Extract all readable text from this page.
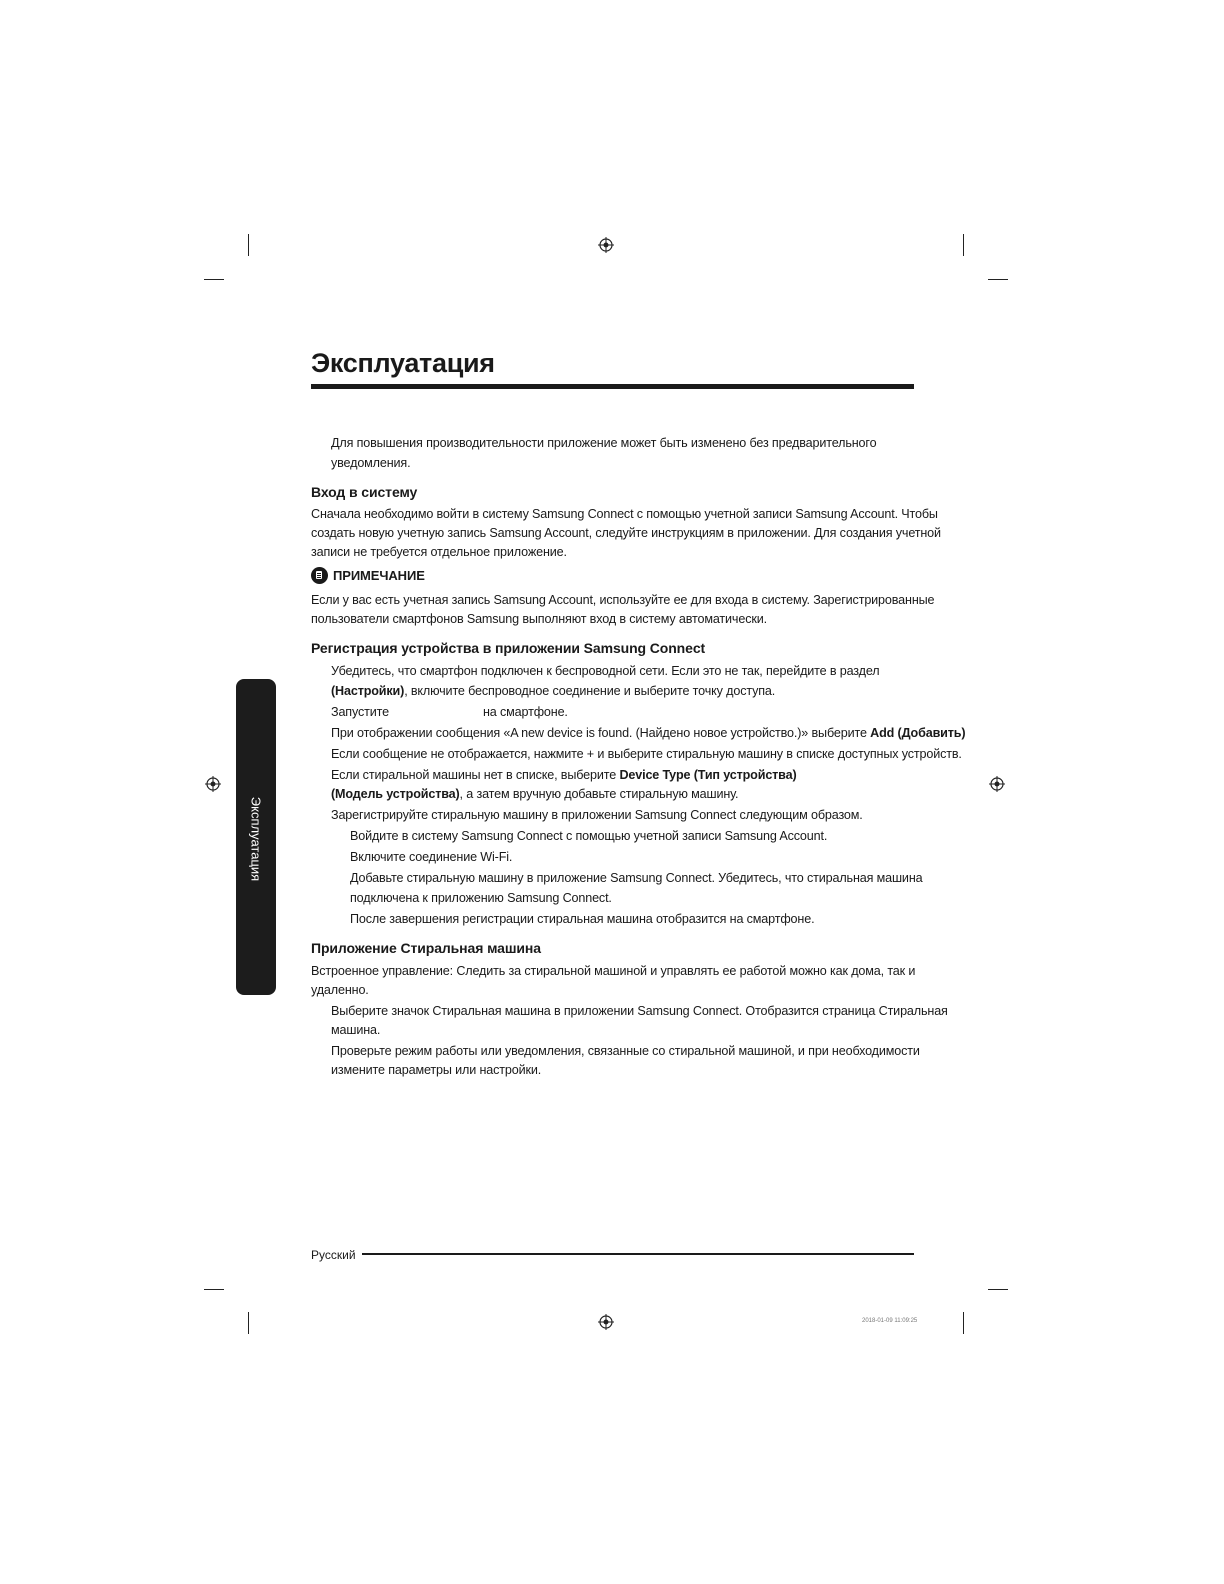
Эксплуатация
Эксплуатация
Для повышения производительности приложение может быть изменено без предварительного
уведомления.
Вход в систему
Сначала необходимо войти в систему Samsung Connect с помощью учетной записи Samsung Account. Чтобы
создать новую учетную запись Samsung Account, следуйте инструкциям в приложении. Для создания учетной
записи не требуется отдельное приложение.
ПРИМЕЧАНИЕ
Если у вас есть учетная запись Samsung Account, используйте ее для входа в систему. Зарегистрированные
пользователи смартфонов Samsung выполняют вход в систему автоматически.
Регистрация устройства в приложении Samsung Connect
Убедитесь, что смартфон подключен к беспроводной сети. Если это не так, перейдите в раздел
(Настройки), включите беспроводное соединение и выберите точку доступа.
Запустите	на смартфоне.
При отображении сообщения «A new device is found. (Найдено новое устройство.)» выберите Add (Добавить)
Если сообщение не отображается, нажмите + и выберите стиральную машину в списке доступных устройств.
Если стиральной машины нет в списке, выберите Device Type (Тип устройства)
(Модель устройства), а затем вручную добавьте стиральную машину.
Зарегистрируйте стиральную машину в приложении Samsung Connect следующим образом.
Войдите в систему Samsung Connect с помощью учетной записи Samsung Account.
Включите соединение Wi-Fi.
Добавьте стиральную машину в приложение Samsung Connect. Убедитесь, что стиральная машина
подключена к приложению Samsung Connect.
После завершения регистрации стиральная машина отобразится на смартфоне.
Приложение Стиральная машина
Встроенное управление: Следить за стиральной машиной и управлять ее работой можно как дома, так и
удаленно.
Выберите значок Стиральная машина в приложении Samsung Connect. Отобразится страница Стиральная
машина.
Проверьте режим работы или уведомления, связанные со стиральной машиной, и при необходимости
измените параметры или настройки.
Русский
2018-01-09 11:09:25
